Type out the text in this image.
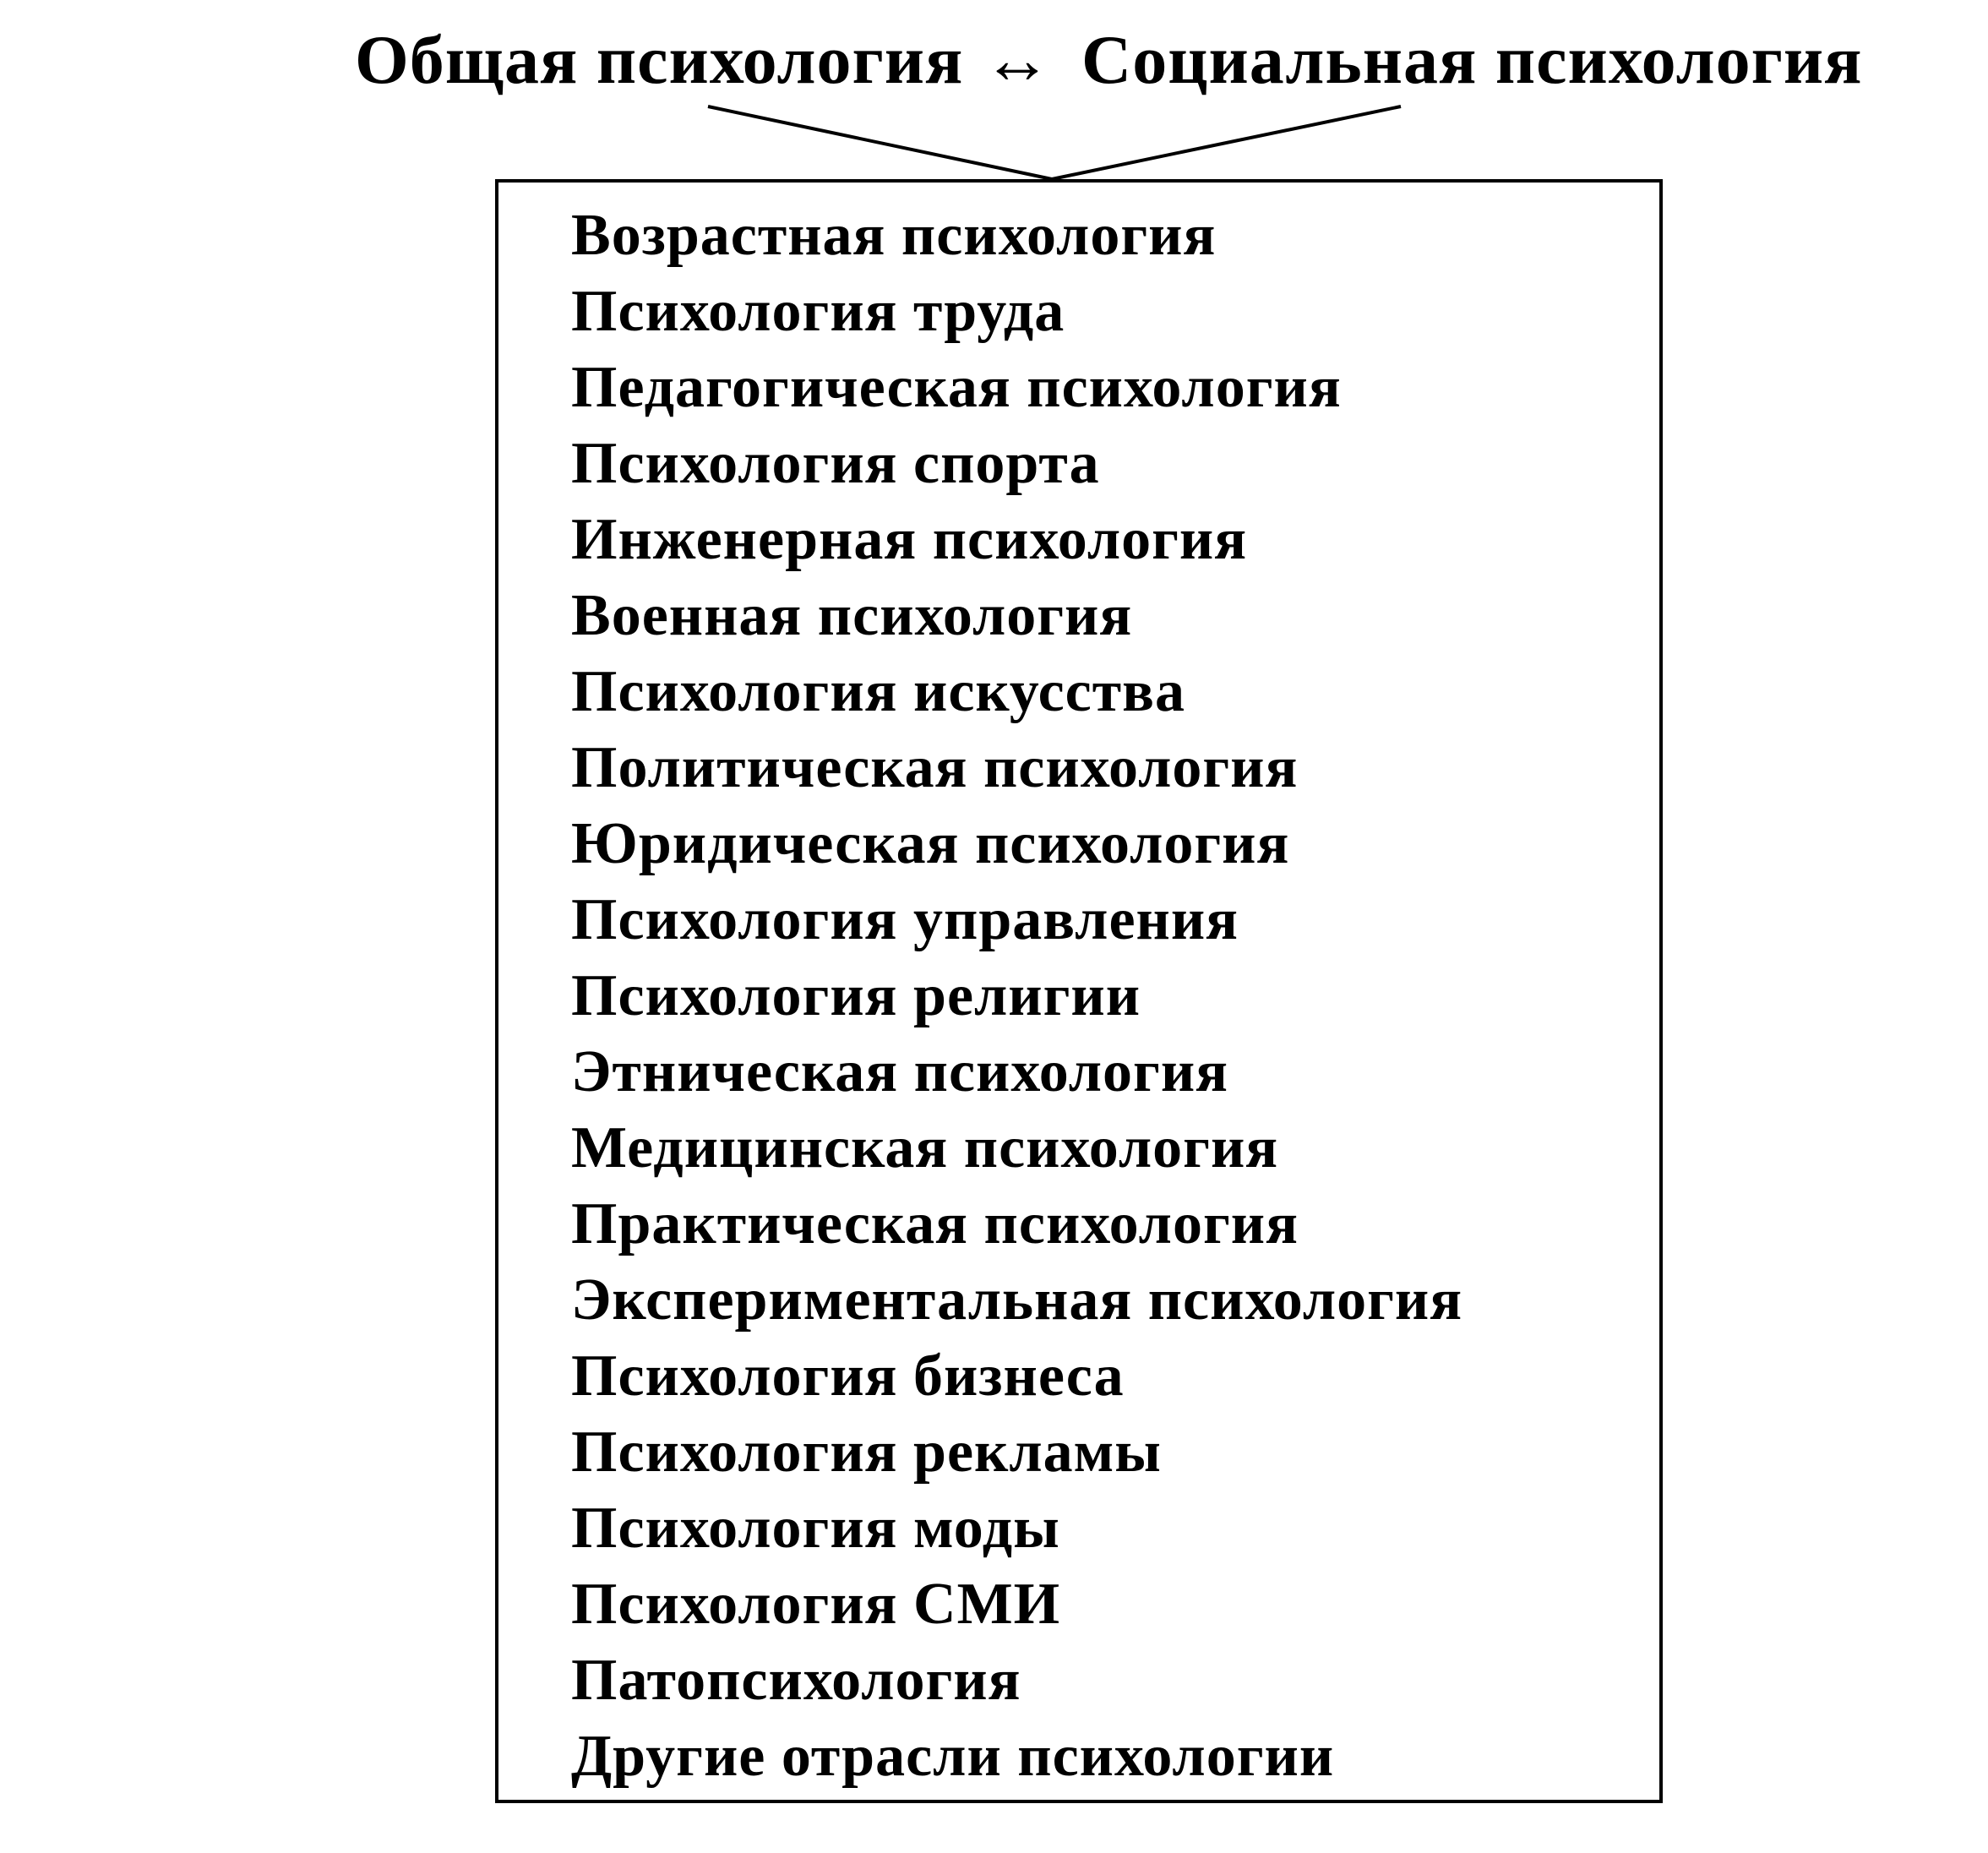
Общая психология ↔ Социальная психология
Возрастная психология
Психология труда
Педагогическая психология
Психология спорта
Инженерная психология
Военная психология
Психология искусства
Политическая психология
Юридическая психология
Психология управления
Психология религии
Этническая психология
Медицинская психология
Практическая психология
Экспериментальная психология
Психология бизнеса
Психология рекламы
Психология моды
Психология СМИ
Патопсихология
Другие отрасли психологии
